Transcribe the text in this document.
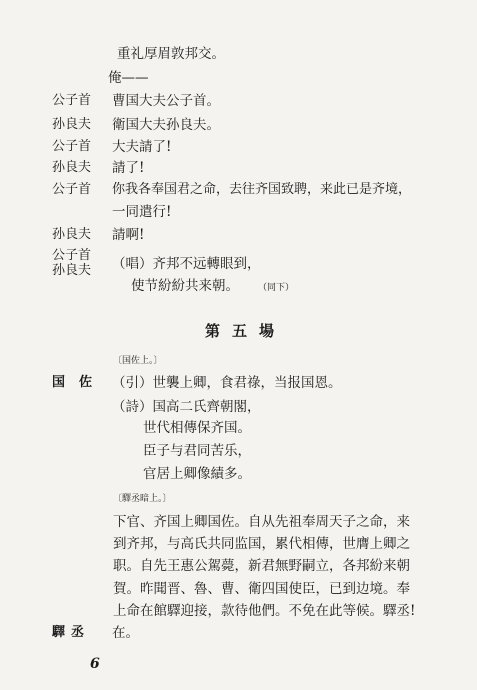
重礼厚眉敦邦交。
俺——
公子首 曹国大夫公子首。
孙良夫 衛国大夫孙良夫。
公子首 大夫請了!
孙良夫 請了!
公子首 你我各奉国君之命，去往齐国致聘，来此已是齐境，
一同遣行!
孙良夫 請啊!
公子首
孙良夫 （唱）齐邦不远轉眼到，
使节紛紛共来朝。 （同下）
第五場
〔国佐上。〕
国佐 （引）世襲上卿，食君祿，当报国恩。
（詩）国高二氏齊朝閣，
世代相傳保齐国。
臣子与君同苦乐，
官居上卿像績多。
〔驛丞暗上。〕
下官、齐国上卿国佐。自从先祖奉周天子之命，来
到齐邦，与高氏共同监国，累代相傳，世膺上卿之
职。自先王惠公駕薨，新君無野嗣立，各邦紛来朝
賀。昨聞晋、魯、曹、衛四国使臣，已到边境。奉
上命在館驛迎接，款待他們。不免在此等候。驛丞!
驛丞 在。
6
